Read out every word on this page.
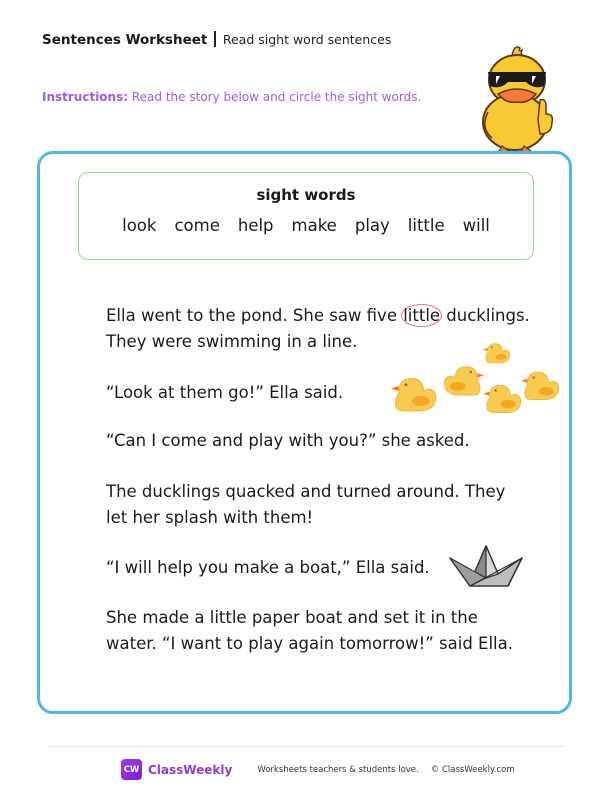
Sentences Worksheet Read sight word sentences
Instructions: Read the story below and circle the sight words.
sight words
look come help make play little will

Ella went to the pond. She saw five little ducklings.

They were swimming in a line.

“Look at them go!” Ella said.

“Can I come and play with you?” she asked.

The ducklings quacked and turned around. They

let her splash with them!

“I will help you make a boat,” Ella said.

She made a little paper boat and set it in the

water. “I want to play again tomorrow!” said Ella.

CW ClassWeekly	Worksheets teachers & students love. © ClassWeekly.com
